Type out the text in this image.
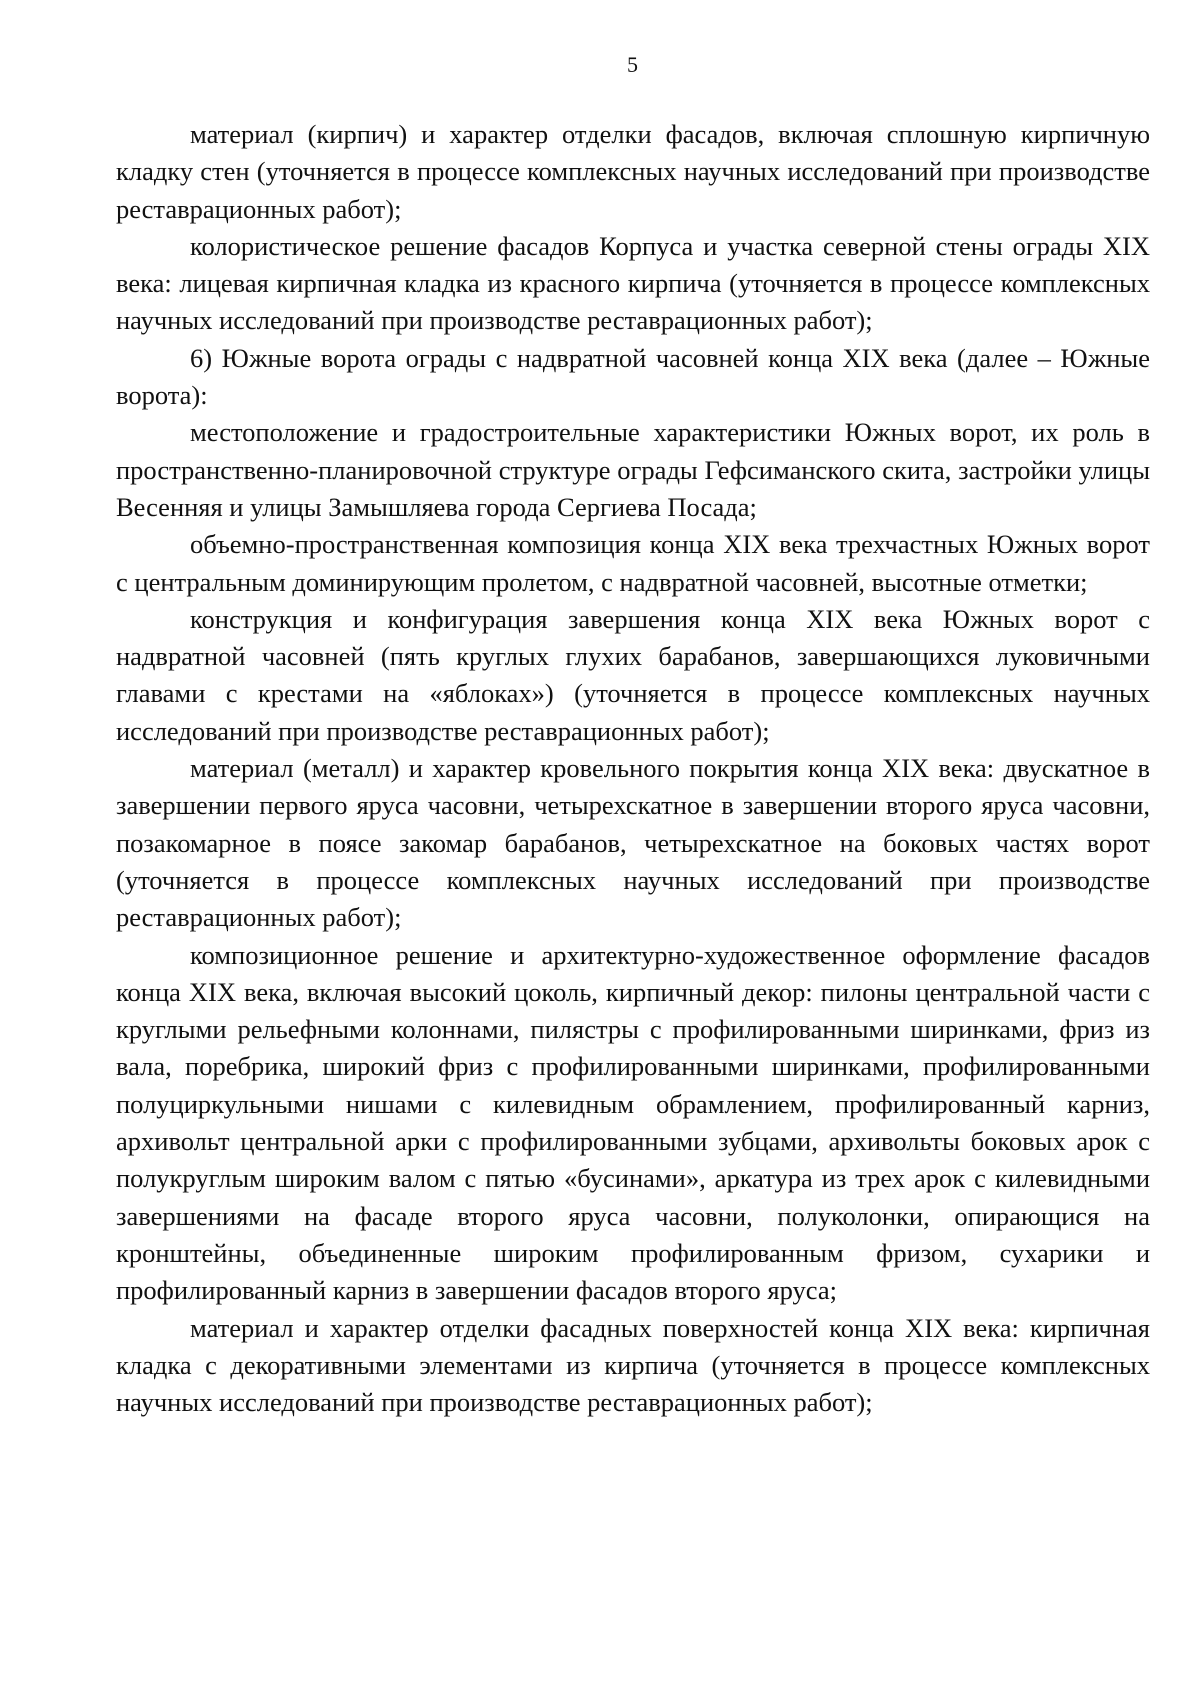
5

материал (кирпич) и характер отделки фасадов, включая сплошную кирпичную кладку стен (уточняется в процессе комплексных научных исследований при производстве реставрационных работ);

колористическое решение фасадов Корпуса и участка северной стены ограды XIX века: лицевая кирпичная кладка из красного кирпича (уточняется в процессе комплексных научных исследований при производстве реставрационных работ);

6) Южные ворота ограды с надвратной часовней конца XIX века (далее – Южные ворота):

местоположение и градостроительные характеристики Южных ворот, их роль в пространственно-планировочной структуре ограды Гефсиманского скита, застройки улицы Весенняя и улицы Замышляева города Сергиева Посада;

объемно-пространственная композиция конца XIX века трехчастных Южных ворот с центральным доминирующим пролетом, с надвратной часовней, высотные отметки;

конструкция и конфигурация завершения конца XIX века Южных ворот с надвратной часовней (пять круглых глухих барабанов, завершающихся луковичными главами с крестами на «яблоках») (уточняется в процессе комплексных научных исследований при производстве реставрационных работ);

материал (металл) и характер кровельного покрытия конца XIX века: двускатное в завершении первого яруса часовни, четырехскатное в завершении второго яруса часовни, позакомарное в поясе закомар барабанов, четырехскатное на боковых частях ворот (уточняется в процессе комплексных научных исследований при производстве реставрационных работ);

композиционное решение и архитектурно-художественное оформление фасадов конца XIX века, включая высокий цоколь, кирпичный декор: пилоны центральной части с круглыми рельефными колоннами, пилястры с профилированными ширинками, фриз из вала, поребрика, широкий фриз с профилированными ширинками, профилированными полуциркульными нишами с килевидным обрамлением, профилированный карниз, архивольт центральной арки с профилированными зубцами, архивольты боковых арок с полукруглым широким валом с пятью «бусинами», аркатура из трех арок с килевидными завершениями на фасаде второго яруса часовни, полуколонки, опирающися на кронштейны, объединенные широким профилированным фризом, сухарики и профилированный карниз в завершении фасадов второго яруса;

материал и характер отделки фасадных поверхностей конца XIX века: кирпичная кладка с декоративными элементами из кирпича (уточняется в процессе комплексных научных исследований при производстве реставрационных работ);
